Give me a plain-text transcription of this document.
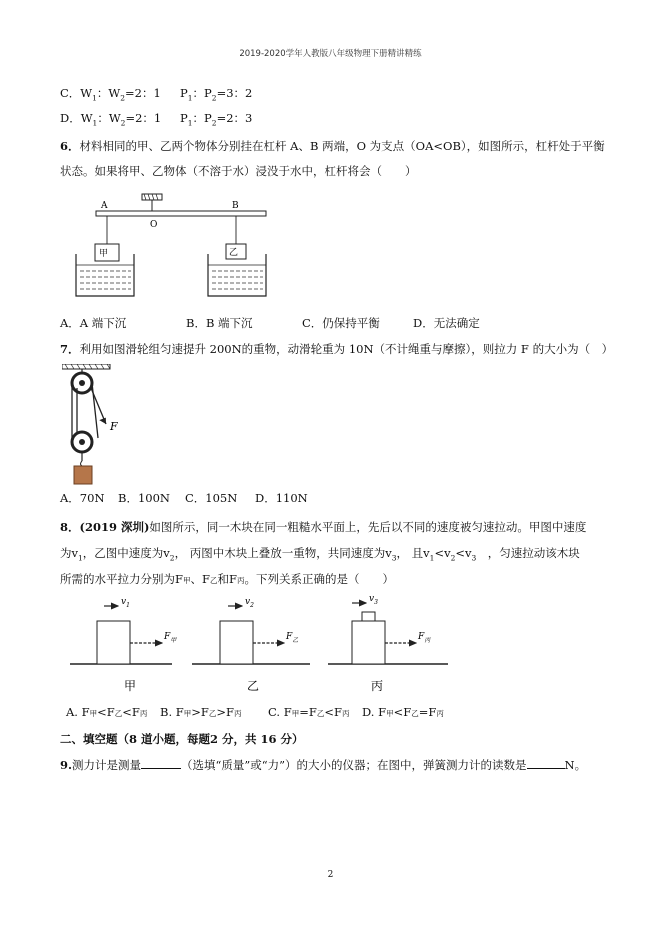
2019-2020学年人教版八年级物理下册精讲精练
C．$W_1$：$W_2=2$：1 $P_1$：$P_2=3$：2
D．$W_1$：$W_2=2$：1 $P_1$：$P_2=2$：3
6．材料相同的甲、乙两个物体分别挂在杠杆 A、B 两端，O 为支点（OA<OB），如图所示，杠杆处于平衡
状态。如果将甲、乙物体（不溶于水）浸没于水中，杠杆将会（　　）
A	B
O
甲	乙
A．A 端下沉	B．B 端下沉	C．仍保持平衡	D．无法确定
7．利用如图滑轮组匀速提升 200N的重物，动滑轮重为 10N（不计绳重与摩擦），则拉力 F 的大小为（　）
F
A．70N B．100N C．105N D．110N
8．(2019 深圳)如图所示，同一木块在同一粗糙水平面上，先后以不同的速度被匀速拉动。甲图中速度
为$v_1$，乙图中速度为$v_2$， 丙图中木块上叠放一重物，共同速度为$v_3$， 且$v_1<v_2<v_3$　，匀速拉动该木块
所需的水平拉力分别为F甲、F乙和F丙。下列关系正确的是（　　）
$v_1$
$F_甲$
甲
$v_2$
$F_乙$
乙
$v_3$
$F_丙$
丙
A. F甲<F乙<F丙 B. F甲>F乙>F丙 C. F甲=F乙<F丙 D. F甲<F乙=F丙
二、填空题（8 道小题，每题2 分，共 16 分）
9.测力计是测量	（选填“质量”或“力”）的大小的仪器；在图中，弹簧测力计的读数是	N。
2
